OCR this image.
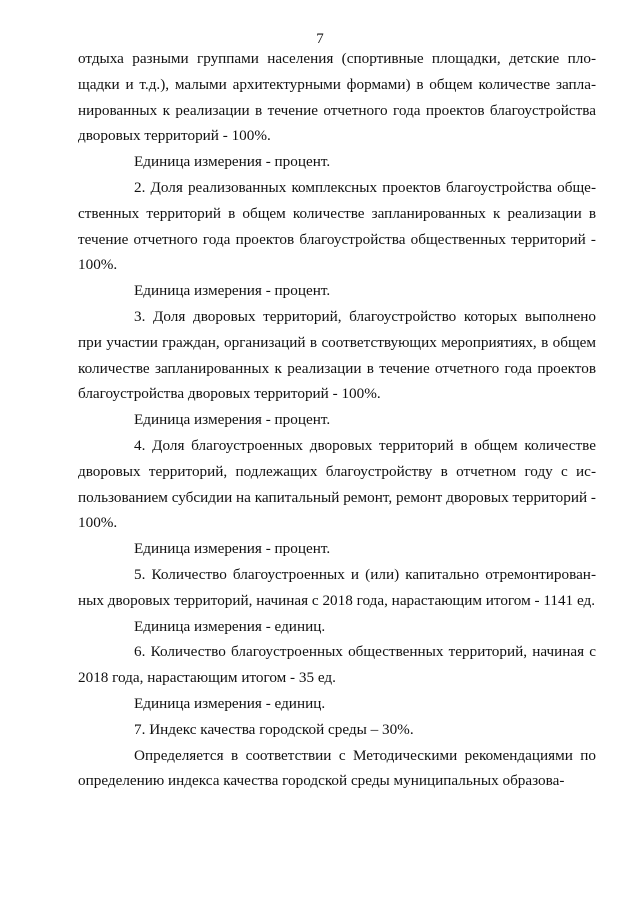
7

отдыха разными группами населения (спортивные площадки, детские площадки и т.д.), малыми архитектурными формами) в общем количестве запланированных к реализации в течение отчетного года проектов благоустройства дворовых территорий - 100%.

Единица измерения - процент.

2. Доля реализованных комплексных проектов благоустройства общественных территорий в общем количестве запланированных к реализации в течение отчетного года проектов благоустройства общественных территорий - 100%.

Единица измерения - процент.

3. Доля дворовых территорий, благоустройство которых выполнено при участии граждан, организаций в соответствующих мероприятиях, в общем количестве запланированных к реализации в течение отчетного года проектов благоустройства дворовых территорий - 100%.

Единица измерения - процент.

4. Доля благоустроенных дворовых территорий в общем количестве дворовых территорий, подлежащих благоустройству в отчетном году с использованием субсидии на капитальный ремонт, ремонт дворовых территорий - 100%.

Единица измерения - процент.

5. Количество благоустроенных и (или) капитально отремонтированных дворовых территорий, начиная с 2018 года, нарастающим итогом - 1141 ед.

Единица измерения - единиц.

6. Количество благоустроенных общественных территорий, начиная с 2018 года, нарастающим итогом - 35 ед.

Единица измерения - единиц.

7. Индекс качества городской среды – 30%.

Определяется в соответствии с Методическими рекомендациями по определению индекса качества городской среды муниципальных образова-
